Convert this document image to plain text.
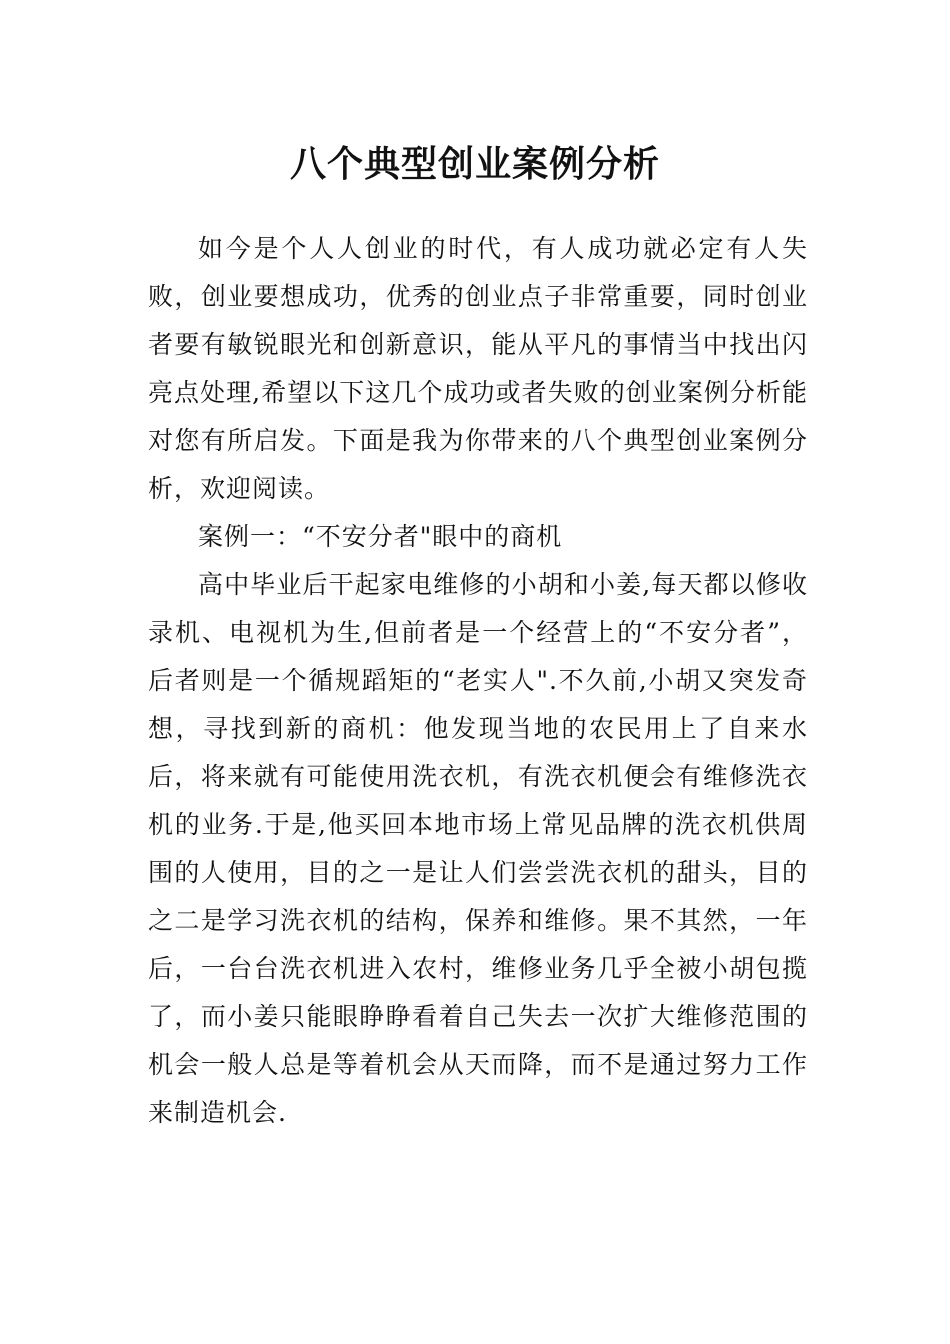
八个典型创业案例分析

如今是个人人创业的时代，有人成功就必定有人失败，创业要想成功，优秀的创业点子非常重要，同时创业者要有敏锐眼光和创新意识，能从平凡的事情当中找出闪亮点处理,希望以下这几个成功或者失败的创业案例分析能对您有所启发。下面是我为你带来的八个典型创业案例分析，欢迎阅读。

案例一：“不安分者"眼中的商机

高中毕业后干起家电维修的小胡和小姜,每天都以修收录机、电视机为生,但前者是一个经营上的“不安分者”，后者则是一个循规蹈矩的“老实人".不久前,小胡又突发奇想，寻找到新的商机：他发现当地的农民用上了自来水后，将来就有可能使用洗衣机，有洗衣机便会有维修洗衣机的业务.于是,他买回本地市场上常见品牌的洗衣机供周围的人使用，目的之一是让人们尝尝洗衣机的甜头，目的之二是学习洗衣机的结构，保养和维修。果不其然，一年后，一台台洗衣机进入农村，维修业务几乎全被小胡包揽了，而小姜只能眼睁睁看着自己失去一次扩大维修范围的机会一般人总是等着机会从天而降，而不是通过努力工作来制造机会.
